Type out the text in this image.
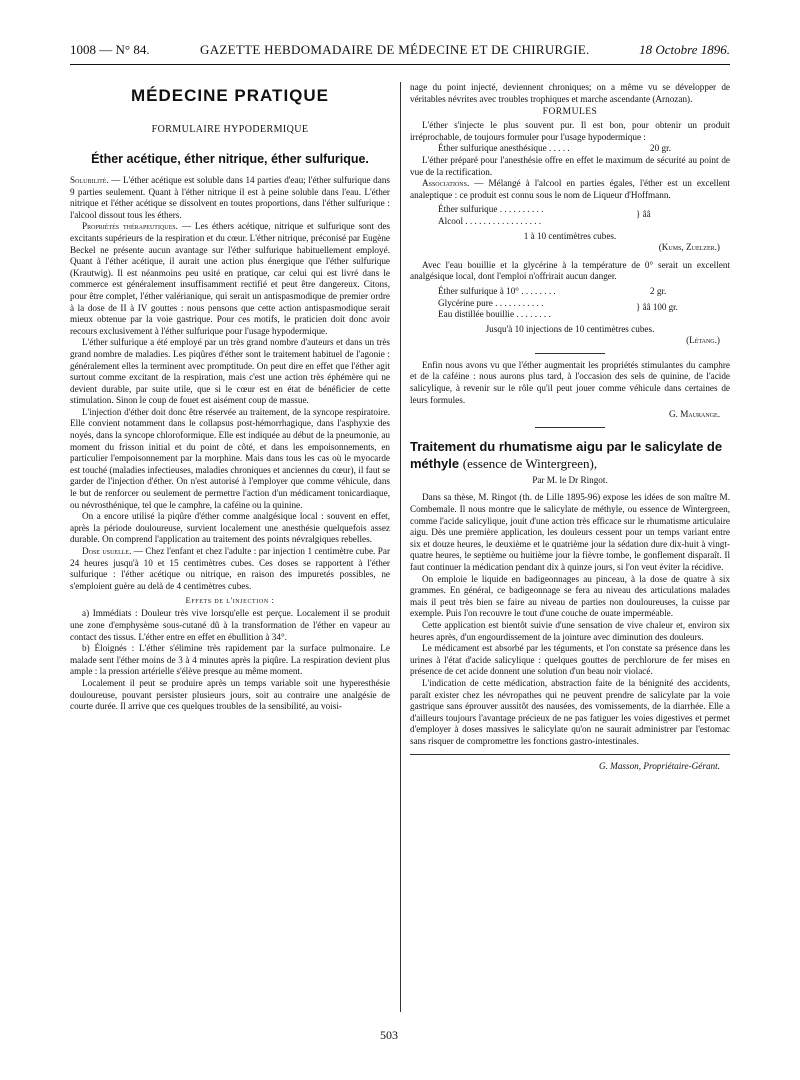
1008 — N° 84.	GAZETTE HEBDOMADAIRE DE MÉDECINE ET DE CHIRURGIE.	18 Octobre 1896.
MÉDECINE PRATIQUE
FORMULAIRE HYPODERMIQUE
Éther acétique, éther nitrique, éther sulfurique.

Solubilité. — L'éther acétique est soluble dans 14 parties d'eau; l'éther sulfurique dans 9 parties seulement. Quant à l'éther nitrique il est à peine soluble dans l'eau. L'éther nitrique et l'éther acétique se dissolvent en toutes proportions, dans l'éther sulfurique : l'alcool dissout tous les éthers.

Propriétés thérapeutiques. — Les éthers acétique, nitrique et sulfurique sont des excitants supérieurs de la respiration et du cœur. L'éther nitrique, préconisé par Eugène Beckel ne présente aucun avantage sur l'éther sulfurique habituellement employé. Quant à l'éther acétique, il aurait une action plus énergique que l'éther sulfurique (Krautwig). Il est néanmoins peu usité en pratique, car celui qui est livré dans le commerce est généralement insuffisamment rectifié et peut être dangereux. Citons, pour être complet, l'éther valérianique, qui serait un antispasmodique de premier ordre à la dose de II à IV gouttes : nous pensons que cette action antispasmodique serait mieux obtenue par la voie gastrique. Pour ces motifs, le praticien doit donc avoir recours exclusivement à l'éther sulfurique pour l'usage hypodermique.

L'éther sulfurique a été employé par un très grand nombre d'auteurs et dans un très grand nombre de maladies. Les piqûres d'éther sont le traitement habituel de l'agonie : généralement elles la terminent avec promptitude. On peut dire en effet que l'éther agit surtout comme excitant de la respiration, mais c'est une action très éphémère qui ne devient durable, par suite utile, que si le cœur est en état de bénéficier de cette stimulation. Sinon le coup de fouet est aisément coup de massue.

L'injection d'éther doit donc être réservée au traitement, de la syncope respiratoire. Elle convient notamment dans le collapsus post-hémorrhagique, dans l'asphyxie des noyés, dans la syncope chloroformique. Elle est indiquée au début de la pneumonie, au moment du frisson initial et du point de côté, et dans les empoisonnements, en particulier l'empoisonnement par la morphine. Mais dans tous les cas où le myocarde est touché (maladies infectieuses, maladies chroniques et anciennes du cœur), il faut se garder de l'injection d'éther. On n'est autorisé à l'employer que comme véhicule, dans le but de renforcer ou seulement de permettre l'action d'un médicament tonicardiaque, ou névrosthénique, tel que le camphre, la caféine ou la quinine.

On a encore utilisé la piqûre d'éther comme analgésique local : souvent en effet, après la période douloureuse, survient localement une anesthésie quelquefois assez durable. On comprend l'application au traitement des points névralgiques rebelles.

Dose usuelle. — Chez l'enfant et chez l'adulte : par injection 1 centimètre cube. Par 24 heures jusqu'à 10 et 15 centimètres cubes. Ces doses se rapportent à l'éther sulfurique : l'éther acétique ou nitrique, en raison des impuretés possibles, ne s'emploient guère au delà de 4 centimètres cubes.

Effets de l'injection :

a) Immédiats : Douleur très vive lorsqu'elle est perçue. Localement il se produit une zone d'emphysème sous-cutané dû à la transformation de l'éther en vapeur au contact des tissus. L'éther entre en effet en ébullition à 34°.

b) Éloignés : L'éther s'élimine très rapidement par la surface pulmonaire. Le malade sent l'éther moins de 3 à 4 minutes après la piqûre. La respiration devient plus ample : la pression artérielle s'élève presque au même moment.

Localement il peut se produire après un temps variable soit une hyperesthésie douloureuse, pouvant persister plusieurs jours, soit au contraire une analgésie de courte durée. Il arrive que ces quelques troubles de la sensibilité, au voisi-

nage du point injecté, deviennent chroniques; on a même vu se développer de véritables névrites avec troubles trophiques et marche ascendante (Arnozan).

FORMULES

L'éther s'injecte le plus souvent pur. Il est bon, pour obtenir un produit irréprochable, de toujours formuler pour l'usage hypodermique :

Éther sulfurique anesthésique . . . . .	20 gr.

L'éther préparé pour l'anesthésie offre en effet le maximum de sécurité au point de vue de la rectification.

Associations. — Mélangé à l'alcool en parties égales, l'éther est un excellent analeptique : ce produit est connu sous le nom de Liqueur d'Hoffmann.

Éther sulfurique . . . . . . . . . .
Alcool . . . . . . . . . . . . . . . . .
} ââ

1 à 10 centimètres cubes.

(Kums, Zuelzer.)

Avec l'eau bouillie et la glycérine à la température de 0° serait un excellent analgésique local, dont l'emploi n'offrirait aucun danger.

Éther sulfurique à 10° . . . . . . . .	2 gr.
Glycérine pure . . . . . . . . . . .
Eau distillée bouillie . . . . . . . .
} ââ 100 gr.

Jusqu'à 10 injections de 10 centimètres cubes.

(Létang.)

Enfin nous avons vu que l'éther augmentait les propriétés stimulantes du camphre et de la caféine : nous aurons plus tard, à l'occasion des sels de quinine, de l'acide salicylique, à revenir sur le rôle qu'il peut jouer comme véhicule dans certaines de leurs formules.

G. Maurange.

Traitement du rhumatisme aigu par le salicylate de méthyle (essence de Wintergreen),

Par M. le Dr Ringot.

Dans sa thèse, M. Ringot (th. de Lille 1895-96) expose les idées de son maître M. Combemale. Il nous montre que le salicylate de méthyle, ou essence de Wintergreen, comme l'acide salicylique, jouit d'une action très efficace sur le rhumatisme articulaire aigu. Dès une première application, les douleurs cessent pour un temps variant entre six et douze heures, le deuxième et le quatrième jour la sédation dure dix-huit à vingt-quatre heures, le septième ou huitième jour la fièvre tombe, le gonflement disparaît. Il faut continuer la médication pendant dix à quinze jours, si l'on veut éviter la récidive.

On emploie le liquide en badigeonnages au pinceau, à la dose de quatre à six grammes. En général, ce badigeonnage se fera au niveau des articulations malades mais il peut très bien se faire au niveau de parties non douloureuses, la cuisse par exemple. Puis l'on recouvre le tout d'une couche de ouate imperméable.

Cette application est bientôt suivie d'une sensation de vive chaleur et, environ six heures après, d'un engourdissement de la jointure avec diminution des douleurs.

Le médicament est absorbé par les téguments, et l'on constate sa présence dans les urines à l'état d'acide salicylique : quelques gouttes de perchlorure de fer mises en présence de cet acide donnent une solution d'un beau noir violacé.

L'indication de cette médication, abstraction faite de la bénignité des accidents, paraît exister chez les névropathes qui ne peuvent prendre de salicylate par la voie gastrique sans éprouver aussitôt des nausées, des vomissements, de la diarrhée. Elle a d'ailleurs toujours l'avantage précieux de ne pas fatiguer les voies digestives et permet d'employer à doses massives le salicylate qu'on ne saurait administrer par l'estomac sans risquer de compromettre les fonctions gastro-intestinales.

G. Masson, Propriétaire-Gérant.

503
